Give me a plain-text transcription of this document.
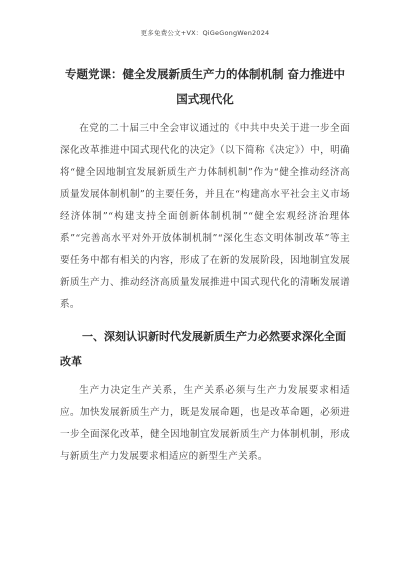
更多免费公文+VX：QiGeGongWen2024
专题党课：健全发展新质生产力的体制机制 奋力推进中国式现代化

在党的二十届三中全会审议通过的《中共中央关于进一步全面深化改革推进中国式现代化的决定》（以下简称《决定》）中，明确将“健全因地制宜发展新质生产力体制机制”作为“健全推动经济高质量发展体制机制”的主要任务，并且在“构建高水平社会主义市场经济体制”“构建支持全面创新体制机制”“健全宏观经济治理体系”“完善高水平对外开放体制机制”“深化生态文明体制改革”等主要任务中都有相关的内容，形成了在新的发展阶段，因地制宜发展新质生产力、推动经济高质量发展推进中国式现代化的清晰发展谱系。

一、深刻认识新时代发展新质生产力必然要求深化全面改革

生产力决定生产关系，生产关系必须与生产力发展要求相适应。加快发展新质生产力，既是发展命题，也是改革命题，必须进一步全面深化改革，健全因地制宜发展新质生产力体制机制，形成与新质生产力发展要求相适应的新型生产关系。
